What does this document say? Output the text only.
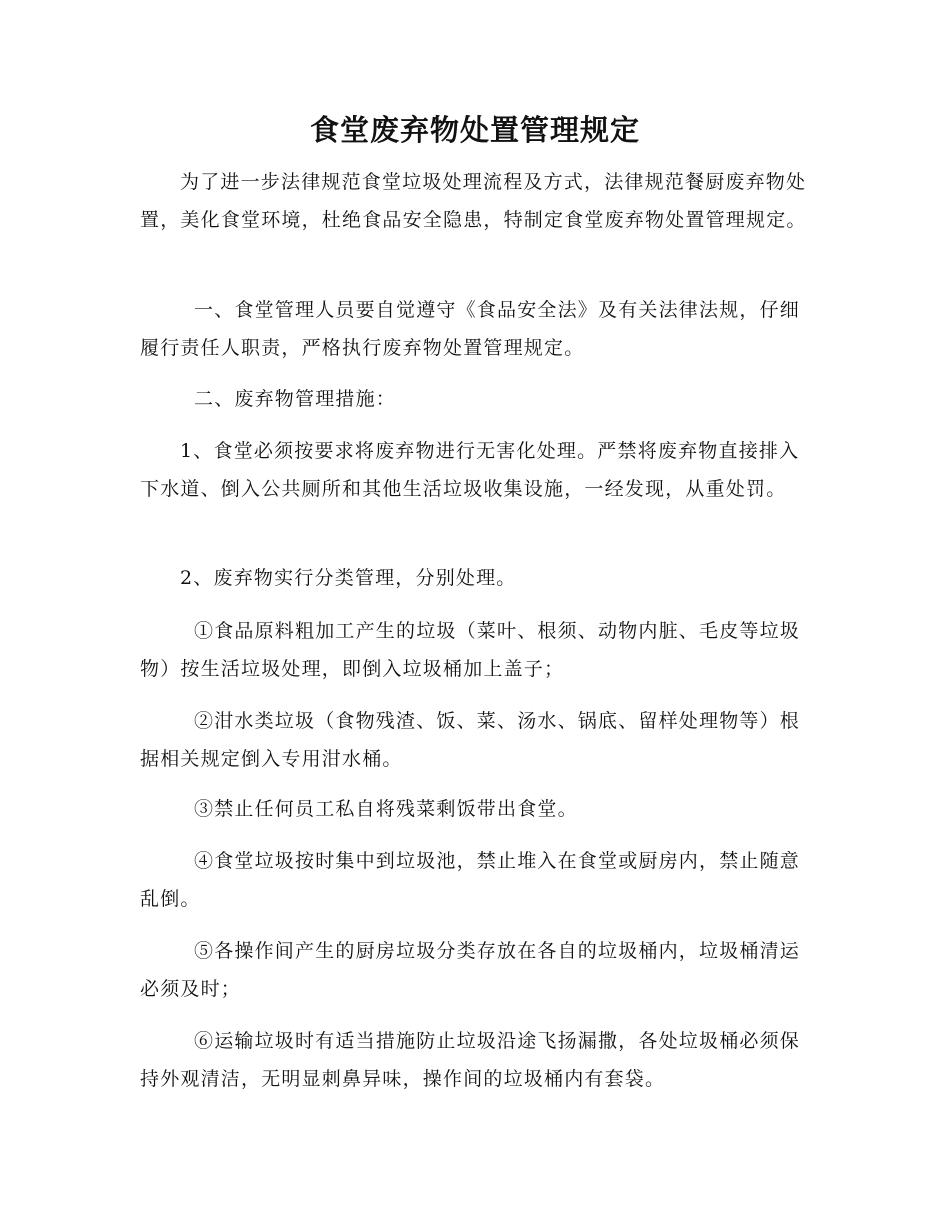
食堂废弃物处置管理规定

为了进一步法律规范食堂垃圾处理流程及方式，法律规范餐厨废弃物处置，美化食堂环境，杜绝食品安全隐患，特制定食堂废弃物处置管理规定。

一、食堂管理人员要自觉遵守《食品安全法》及有关法律法规，仔细履行责任人职责，严格执行废弃物处置管理规定。

二、废弃物管理措施：

1、食堂必须按要求将废弃物进行无害化处理。严禁将废弃物直接排入下水道、倒入公共厕所和其他生活垃圾收集设施，一经发现，从重处罚。

2、废弃物实行分类管理，分别处理。

①食品原料粗加工产生的垃圾（菜叶、根须、动物内脏、毛皮等垃圾物）按生活垃圾处理，即倒入垃圾桶加上盖子；

②泔水类垃圾（食物残渣、饭、菜、汤水、锅底、留样处理物等）根据相关规定倒入专用泔水桶。

③禁止任何员工私自将残菜剩饭带出食堂。

④食堂垃圾按时集中到垃圾池，禁止堆入在食堂或厨房内，禁止随意乱倒。

⑤各操作间产生的厨房垃圾分类存放在各自的垃圾桶内，垃圾桶清运必须及时；

⑥运输垃圾时有适当措施防止垃圾沿途飞扬漏撒，各处垃圾桶必须保持外观清洁，无明显刺鼻异味，操作间的垃圾桶内有套袋。
